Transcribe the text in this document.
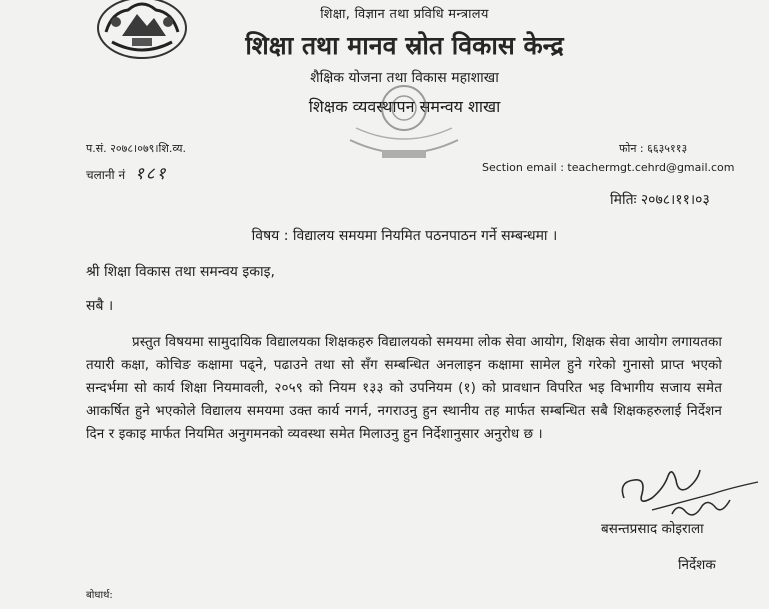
शिक्षा, विज्ञान तथा प्रविधि मन्त्रालय
शिक्षा तथा मानव स्रोत विकास केन्द्र
शैक्षिक योजना तथा विकास महाशाखा
शिक्षक व्यवस्थापन समन्वय शाखा
प.सं. २०७८।०७९।शि.व्य.
चलानी नं १८१
फोन : ६६३५११३
Section email : teachermgt.cehrd@gmail.com
मितिः २०७८।११।०३
विषय : विद्यालय समयमा नियमित पठनपाठन गर्ने सम्बन्धमा ।
श्री शिक्षा विकास तथा समन्वय इकाइ,
सबै ।
प्रस्तुत विषयमा सामुदायिक विद्यालयका शिक्षकहरु विद्यालयको समयमा लोक सेवा आयोग, शिक्षक सेवा आयोग लगायतका तयारी कक्षा, कोचिङ कक्षामा पढ्ने, पढाउने तथा सो सँग सम्बन्धित अनलाइन कक्षामा सामेल हुने गरेको गुनासो प्राप्त भएको सन्दर्भमा सो कार्य शिक्षा नियमावली, २०५९ को नियम १३३ को उपनियम (१) को प्रावधान विपरित भइ विभागीय सजाय समेत आकर्षित हुने भएकोले विद्यालय समयमा उक्त कार्य नगर्न, नगराउनु हुन स्थानीय तह मार्फत सम्बन्धित सबै शिक्षकहरुलाई निर्देशन दिन र इकाइ मार्फत नियमित अनुगमनको व्यवस्था समेत मिलाउनु हुन निर्देशानुसार अनुरोध छ ।
बसन्तप्रसाद कोइराला
निर्देशक
बोधार्थ:
